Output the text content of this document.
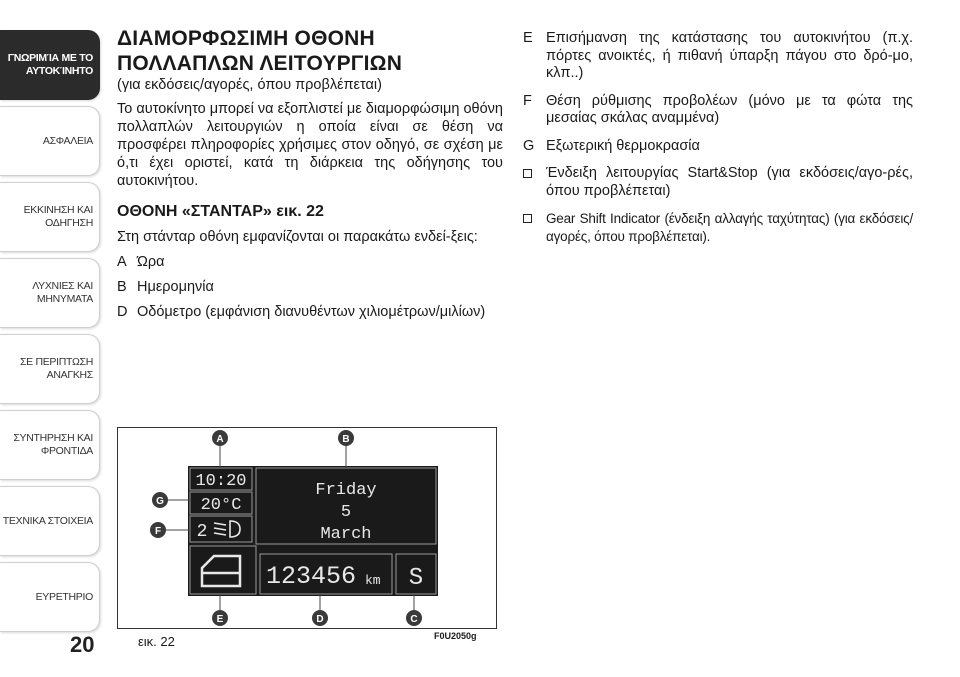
ΓΝΩΡΙΜΊΑ ΜΕ ΤΟ
ΑΥΤΟΚΊΝΗΤΟ
ΑΣΦΑΛΕΙΑ
ΕΚΚΙΝΗΣΗ ΚΑΙ
ΟΔΗΓΗΣΗ
ΛΥΧΝΙΕΣ ΚΑΙ
ΜΗΝΥΜΑΤΑ
ΣΕ ΠΕΡΙΠΤΩΣΗ
ΑΝΑΓΚΗΣ
ΣΥΝΤΗΡΗΣΗ ΚΑΙ
ΦΡΟΝΤΙΔΑ
ΤΕΧΝΙΚΑ ΣΤΟΙΧΕΙΑ
ΕΥΡΕΤΗΡΙΟ
20
ΔΙΑΜΟΡΦΩΣΙΜΗ ΟΘΟΝΗ
ΠΟΛΛΑΠΛΩΝ ΛΕΙΤΟΥΡΓΙΩΝ
(για εκδόσεις/αγορές, όπου προβλέπεται)
Το αυτοκίνητο μπορεί να εξοπλιστεί με διαμορφώσιμη οθόνη πολλαπλών λειτουργιών η οποία είναι σε θέση να προσφέρει πληροφορίες χρήσιμες στον οδηγό, σε σχέση με ό,τι έχει οριστεί, κατά τη διάρκεια της οδήγησης του αυτοκινήτου.
ΟΘΟΝΗ «ΣΤΑΝΤΑΡ» εικ. 22
Στη στάνταρ οθόνη εμφανίζονται οι παρακάτω ενδεί-ξεις:
A Ώρα
B Ημερομηνία
D Οδόμετρο (εμφάνιση διανυθέντων χιλιομέτρων/μιλίων)
E Επισήμανση της κατάστασης του αυτοκινήτου (π.χ. πόρτες ανοικτές, ή πιθανή ύπαρξη πάγου στο δρό-μο, κλπ..)
F Θέση ρύθμισης προβολέων (μόνο με τα φώτα της μεσαίας σκάλας αναμμένα)
G Εξωτερική θερμοκρασία
Ένδειξη λειτουργίας Start&Stop (για εκδόσεις/αγο-ρές, όπου προβλέπεται)
Gear Shift Indicator (ένδειξη αλλαγής ταχύτητας) (για εκδόσεις/αγορές, όπου προβλέπεται).
10:20
20°C
2
Friday
5
March
123456 km S
A	B
C
D
E
F
G
εικ. 22	F0U2050g
